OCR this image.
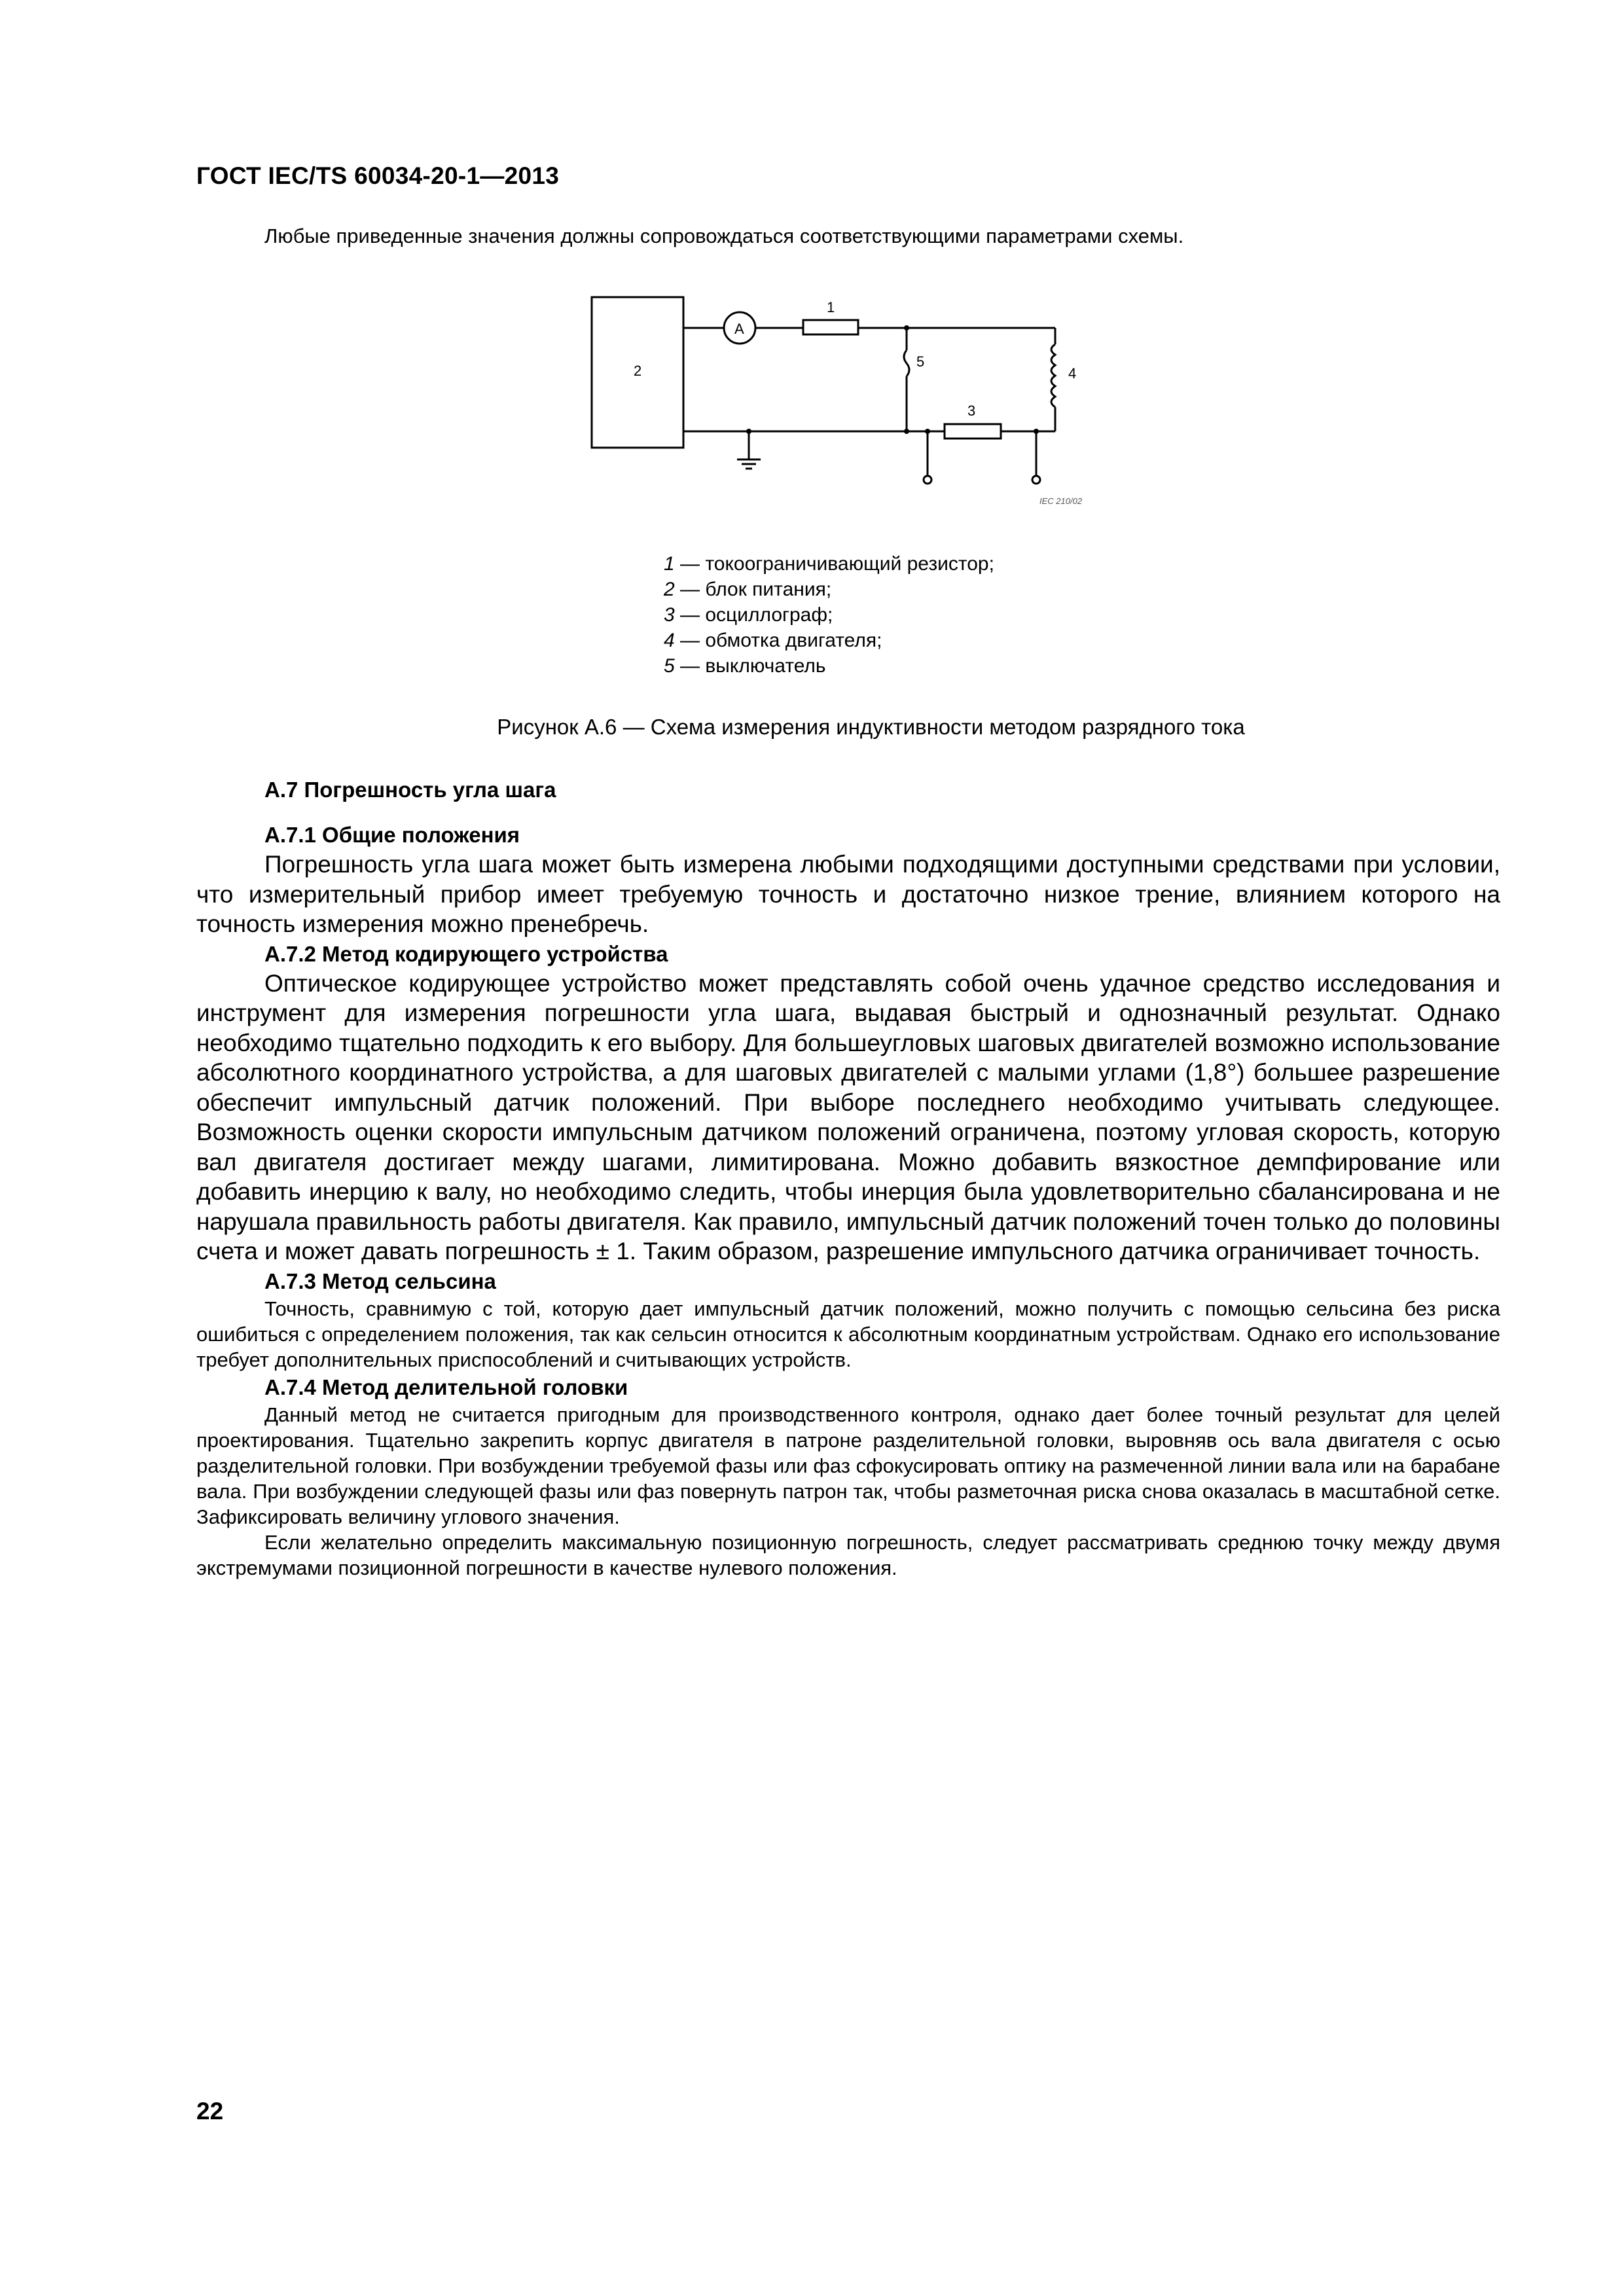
ГОСТ IEC/TS 60034-20-1—2013
Любые приведенные значения должны сопровождаться соответствующими параметрами схемы.
1
2
3
4
5
A
IEC 210/02
1 — токоограничивающий резистор;
2 — блок питания;
3 — осциллограф;
4 — обмотка двигателя;
5 — выключатель
Рисунок А.6 — Схема измерения индуктивности методом разрядного тока
А.7 Погрешность угла шага
А.7.1 Общие положения

Погрешность угла шага может быть измерена любыми подходящими доступными средствами при условии, что измерительный прибор имеет требуемую точность и достаточно низкое трение, влиянием которого на точность измерения можно пренебречь.

А.7.2 Метод кодирующего устройства

Оптическое кодирующее устройство может представлять собой очень удачное средство исследования и инструмент для измерения погрешности угла шага, выдавая быстрый и однозначный результат. Однако необходимо тщательно подходить к его выбору. Для большеугловых шаговых двигателей возможно использование абсолютного координатного устройства, а для шаговых двигателей с малыми углами (1,8°) большее разрешение обеспечит импульсный датчик положений. При выборе последнего необходимо учитывать следующее. Возможность оценки скорости импульсным датчиком положений ограничена, поэтому угловая скорость, которую вал двигателя достигает между шагами, лимитирована. Можно добавить вязкостное демпфирование или добавить инерцию к валу, но необходимо следить, чтобы инерция была удовлетворительно сбалансирована и не нарушала правильность работы двигателя. Как правило, импульсный датчик положений точен только до половины счета и может давать погрешность ± 1. Таким образом, разрешение импульсного датчика ограничивает точность.

А.7.3 Метод сельсина

Точность, сравнимую с той, которую дает импульсный датчик положений, можно получить с помощью сельсина без риска ошибиться с определением положения, так как сельсин относится к абсолютным координатным устройствам. Однако его использование требует дополнительных приспособлений и считывающих устройств.

А.7.4 Метод делительной головки

Данный метод не считается пригодным для производственного контроля, однако дает более точный результат для целей проектирования. Тщательно закрепить корпус двигателя в патроне разделительной головки, выровняв ось вала двигателя с осью разделительной головки. При возбуждении требуемой фазы или фаз сфокусировать оптику на размеченной линии вала или на барабане вала. При возбуждении следующей фазы или фаз повернуть патрон так, чтобы разметочная риска снова оказалась в масштабной сетке. Зафиксировать величину углового значения.

Если желательно определить максимальную позиционную погрешность, следует рассматривать среднюю точку между двумя экстремумами позиционной погрешности в качестве нулевого положения.

22
